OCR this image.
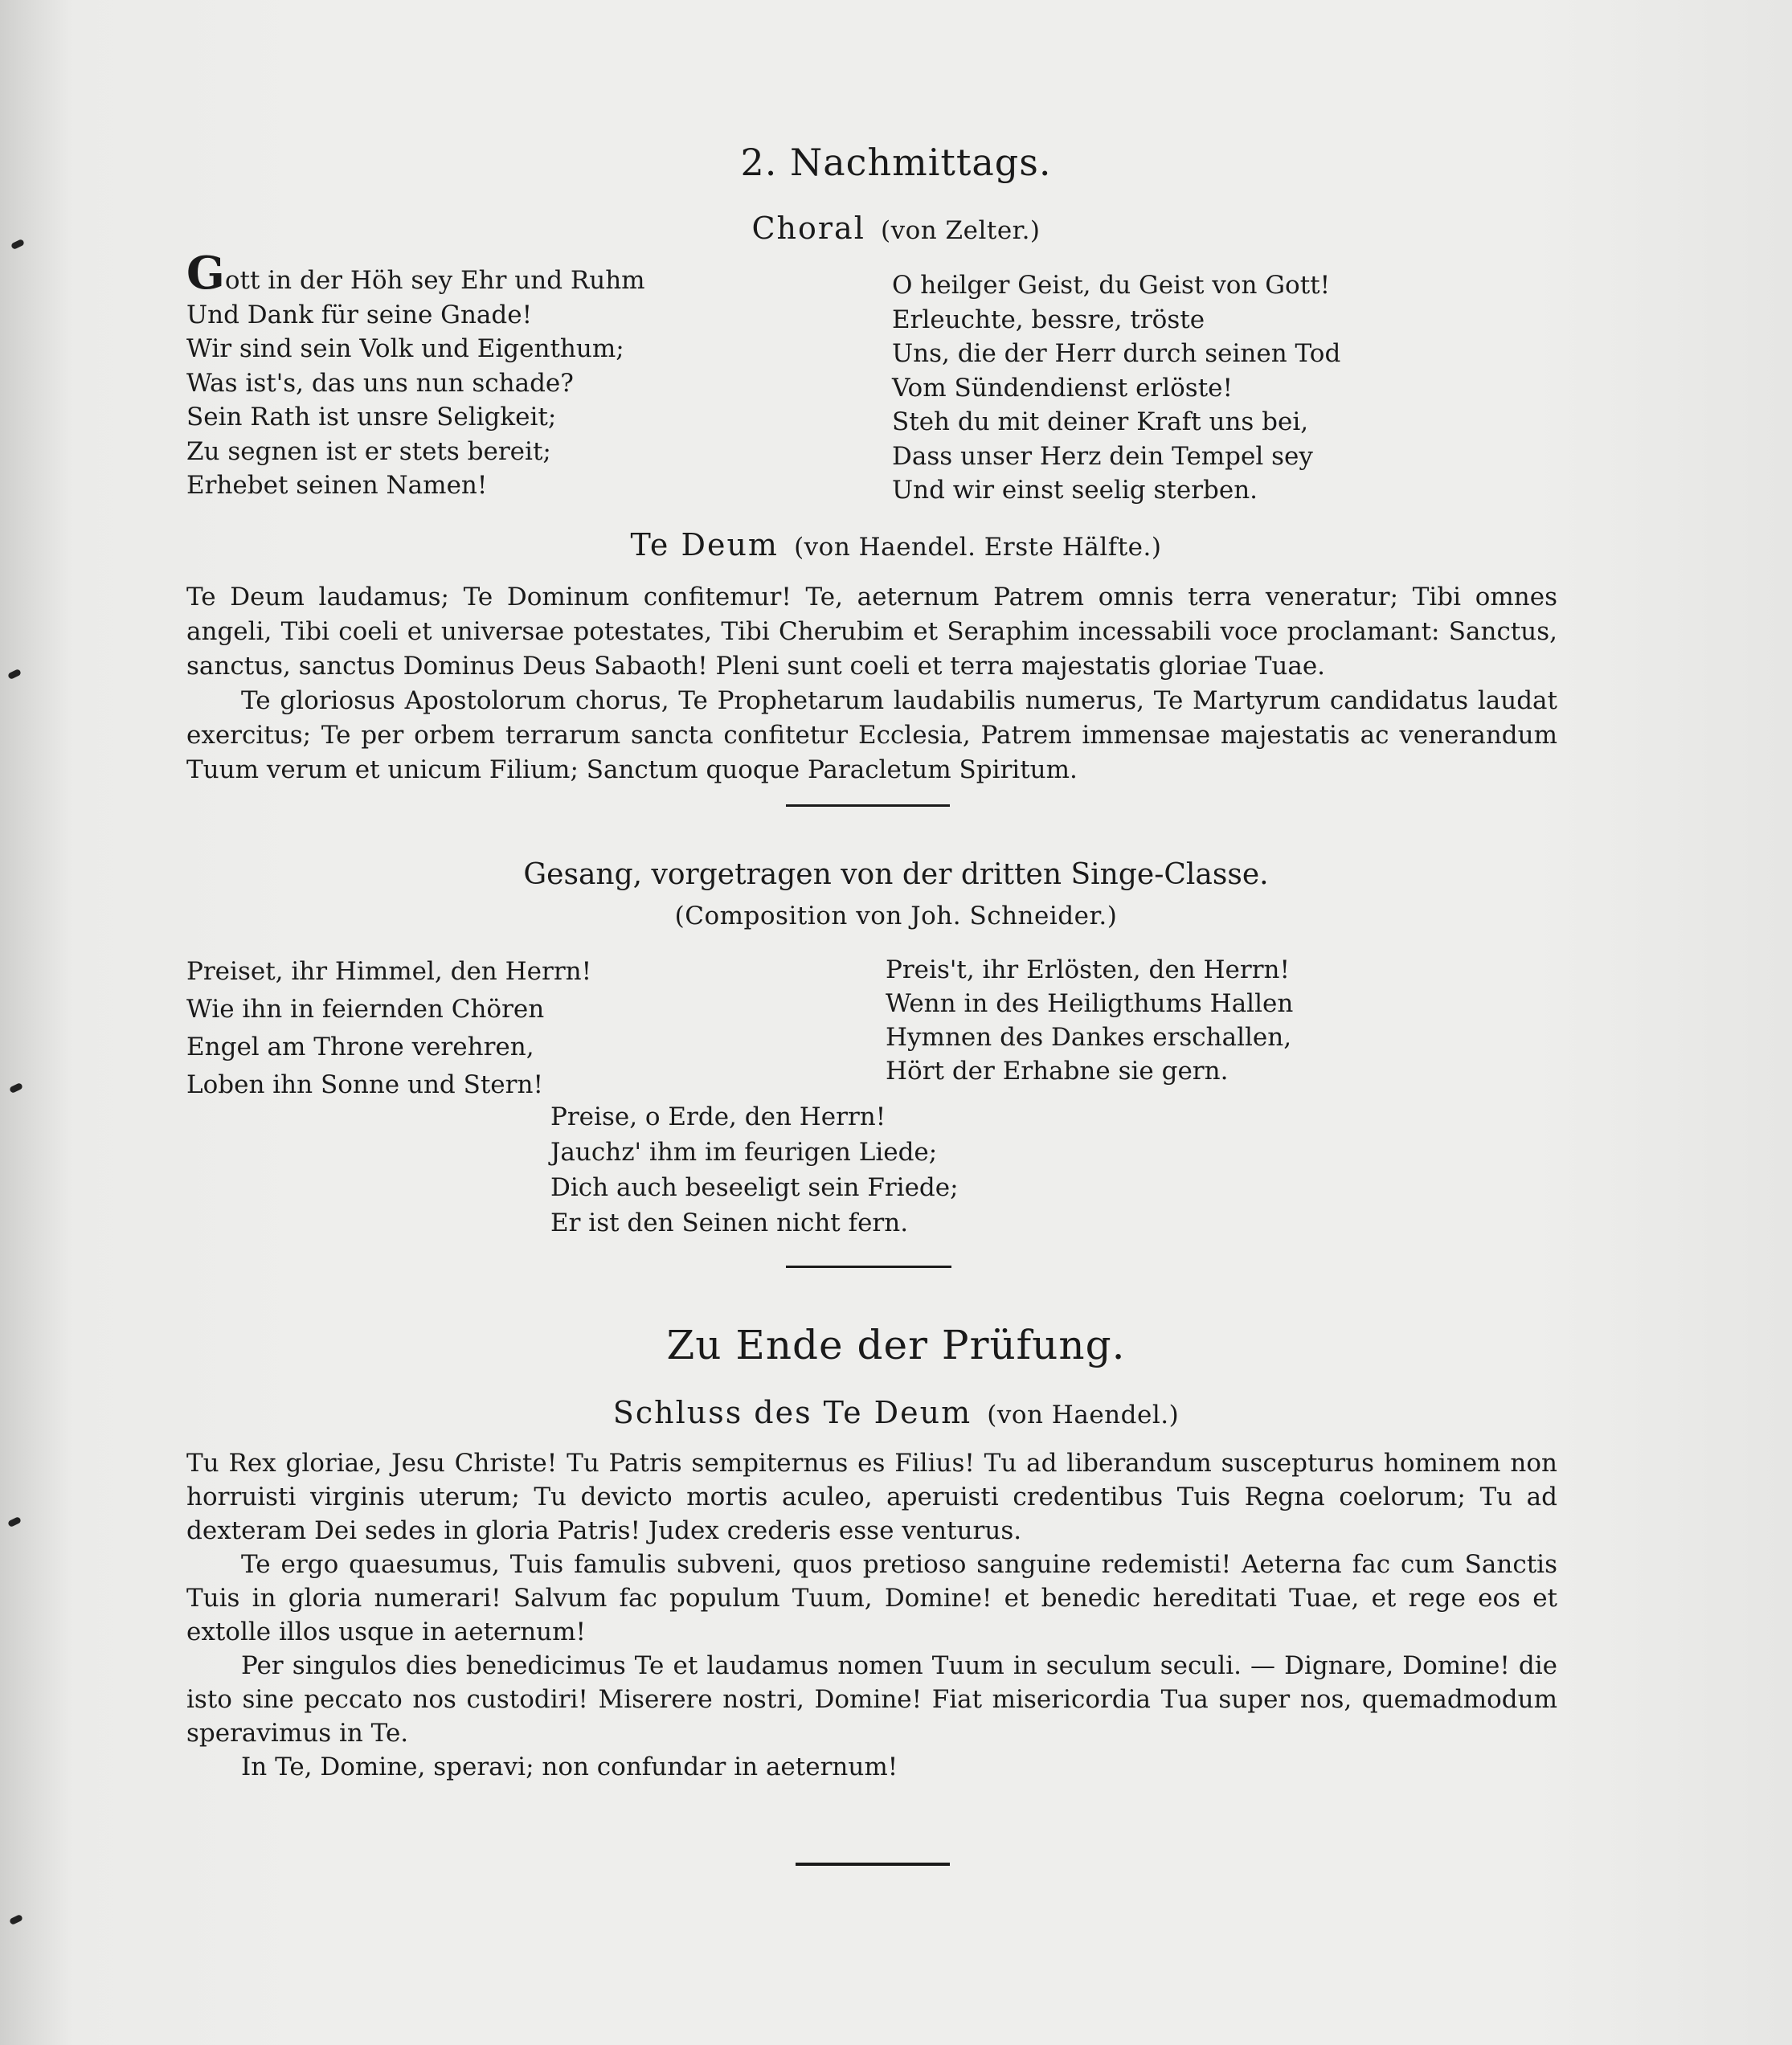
2. Nachmittags.
Choral (von Zelter.)
Gott in der Höh sey Ehr und Ruhm
Und Dank für seine Gnade!
Wir sind sein Volk und Eigenthum;
Was ist's, das uns nun schade?
Sein Rath ist unsre Seligkeit;
Zu segnen ist er stets bereit;
Erhebet seinen Namen!
O heilger Geist, du Geist von Gott!
Erleuchte, bessre, tröste
Uns, die der Herr durch seinen Tod
Vom Sündendienst erlöste!
Steh du mit deiner Kraft uns bei,
Dass unser Herz dein Tempel sey
Und wir einst seelig sterben.
Te Deum (von Haendel. Erste Hälfte.)

Te Deum laudamus; Te Dominum confitemur! Te, aeternum Patrem omnis terra veneratur; Tibi omnes angeli, Tibi coeli et universae potestates, Tibi Cherubim et Seraphim incessabili voce proclamant: Sanctus, sanctus, sanctus Dominus Deus Sabaoth! Pleni sunt coeli et terra majestatis gloriae Tuae.

Te gloriosus Apostolorum chorus, Te Prophetarum laudabilis numerus, Te Martyrum candidatus laudat exercitus; Te per orbem terrarum sancta confitetur Ecclesia, Patrem immensae majestatis ac venerandum Tuum verum et unicum Filium; Sanctum quoque Paracletum Spiritum.

Gesang, vorgetragen von der dritten Singe-Classe.
(Composition von Joh. Schneider.)
Preiset, ihr Himmel, den Herrn!
Wie ihn in feiernden Chören
Engel am Throne verehren,
Loben ihn Sonne und Stern!
Preis't, ihr Erlösten, den Herrn!
Wenn in des Heiligthums Hallen
Hymnen des Dankes erschallen,
Hört der Erhabne sie gern.
Preise, o Erde, den Herrn!
Jauchz' ihm im feurigen Liede;
Dich auch beseeligt sein Friede;
Er ist den Seinen nicht fern.
Zu Ende der Prüfung.
Schluss des Te Deum (von Haendel.)

Tu Rex gloriae, Jesu Christe! Tu Patris sempiternus es Filius! Tu ad liberandum suscepturus hominem non horruisti virginis uterum; Tu devicto mortis aculeo, aperuisti credentibus Tuis Regna coelorum; Tu ad dexteram Dei sedes in gloria Patris! Judex crederis esse venturus.

Te ergo quaesumus, Tuis famulis subveni, quos pretioso sanguine redemisti! Aeterna fac cum Sanctis Tuis in gloria numerari! Salvum fac populum Tuum, Domine! et benedic hereditati Tuae, et rege eos et extolle illos usque in aeternum!

Per singulos dies benedicimus Te et laudamus nomen Tuum in seculum seculi. — Dignare, Domine! die isto sine peccato nos custodiri! Miserere nostri, Domine! Fiat misericordia Tua super nos, quemadmodum speravimus in Te.

In Te, Domine, speravi; non confundar in aeternum!
